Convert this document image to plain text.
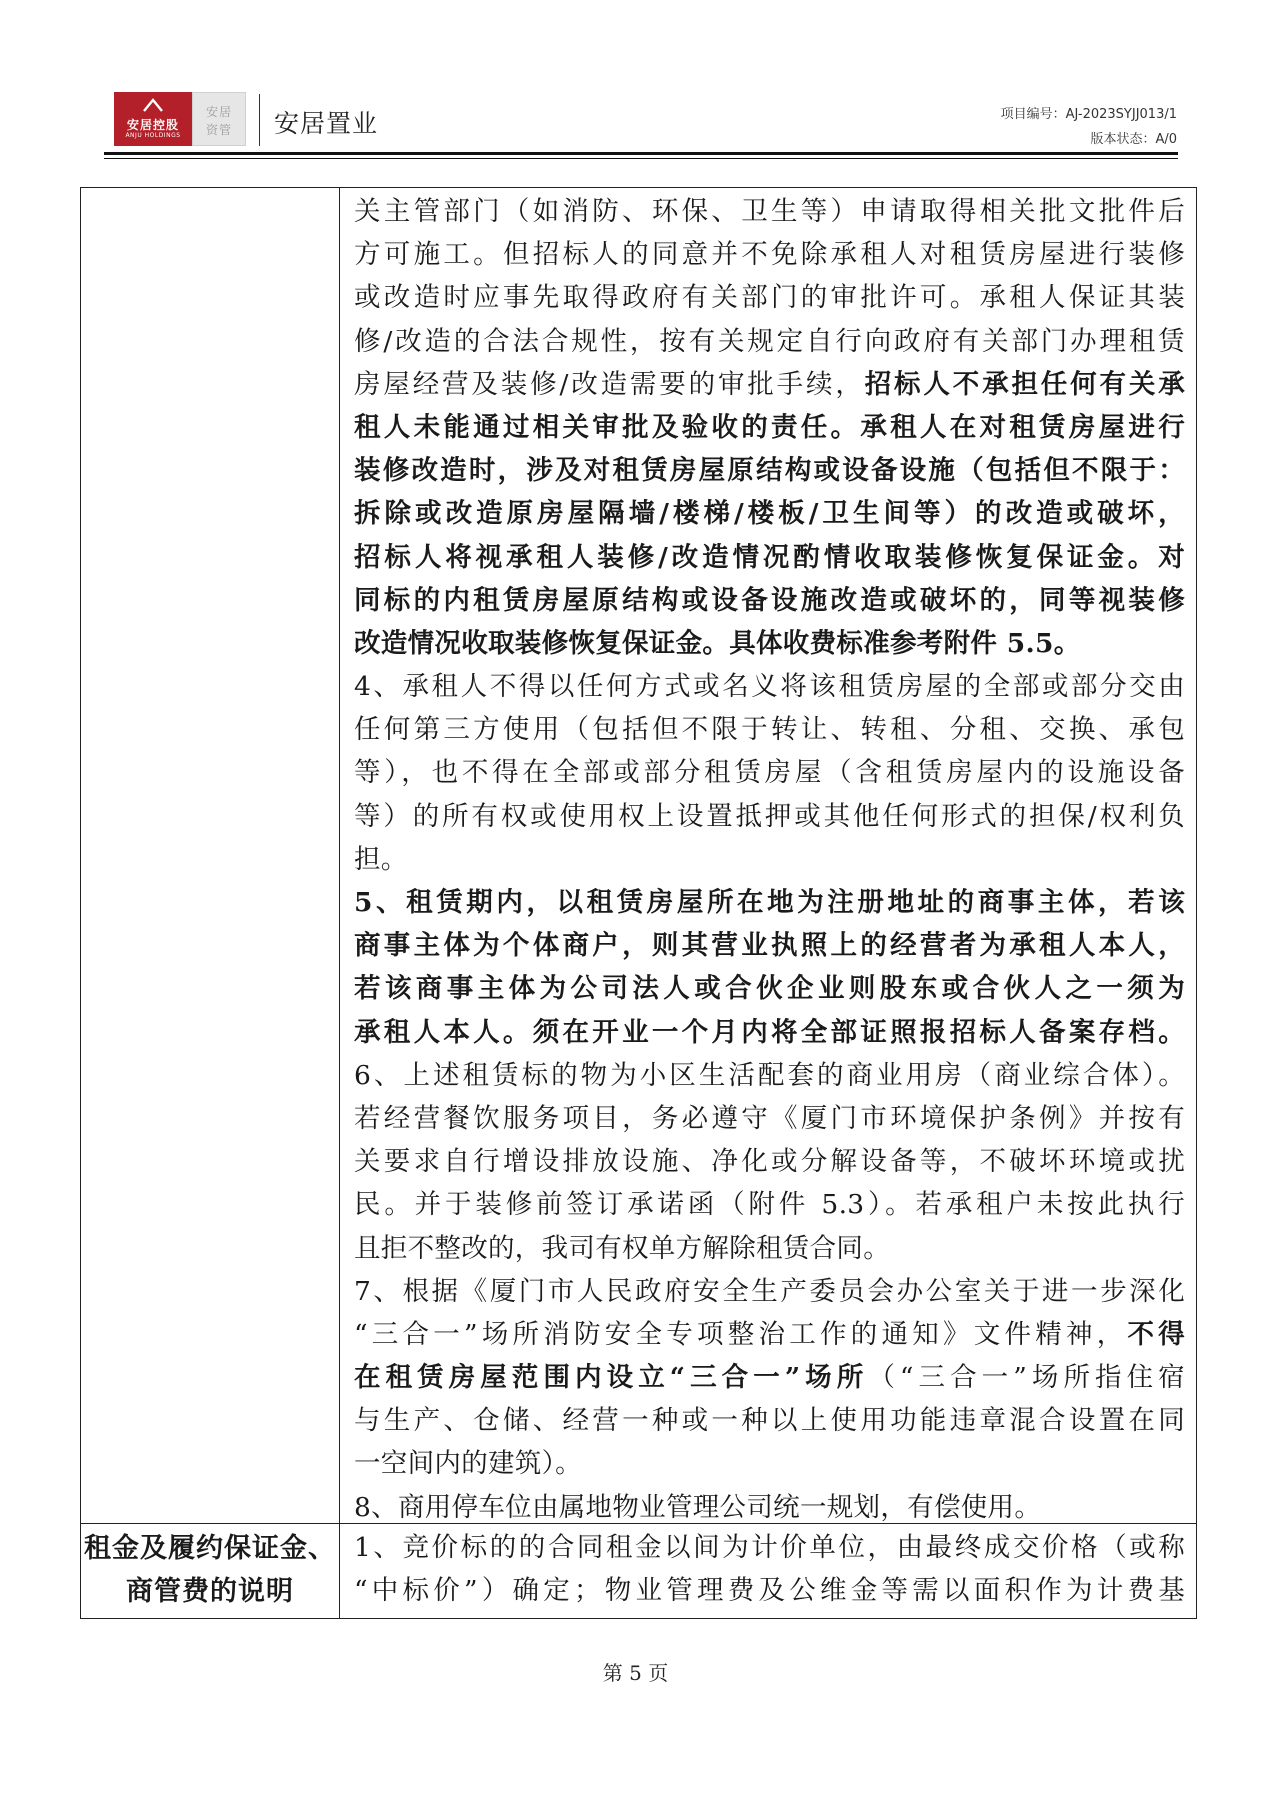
安居控股
ANJU HOLDINGS
安居
资管	安居置业	项目编号：AJ-2023SYJJ013/1
版本状态：A/0
关主管部门（如消防、环保、卫生等）申请取得相关批文批件后
方可施工。但招标人的同意并不免除承租人对租赁房屋进行装修
或改造时应事先取得政府有关部门的审批许可。承租人保证其装
修/改造的合法合规性，按有关规定自行向政府有关部门办理租赁
房屋经营及装修/改造需要的审批手续，招标人不承担任何有关承
租人未能通过相关审批及验收的责任。承租人在对租赁房屋进行
装修改造时，涉及对租赁房屋原结构或设备设施（包括但不限于：
拆除或改造原房屋隔墙/楼梯/楼板/卫生间等）的改造或破坏，
招标人将视承租人装修/改造情况酌情收取装修恢复保证金。对
同标的内租赁房屋原结构或设备设施改造或破坏的，同等视装修
改造情况收取装修恢复保证金。具体收费标准参考附件 5.5。
4、承租人不得以任何方式或名义将该租赁房屋的全部或部分交由
任何第三方使用（包括但不限于转让、转租、分租、交换、承包
等），也不得在全部或部分租赁房屋（含租赁房屋内的设施设备
等）的所有权或使用权上设置抵押或其他任何形式的担保/权利负
担。
5、租赁期内，以租赁房屋所在地为注册地址的商事主体，若该
商事主体为个体商户，则其营业执照上的经营者为承租人本人，
若该商事主体为公司法人或合伙企业则股东或合伙人之一须为
承租人本人。须在开业一个月内将全部证照报招标人备案存档。
6、上述租赁标的物为小区生活配套的商业用房（商业综合体）。
若经营餐饮服务项目，务必遵守《厦门市环境保护条例》并按有
关要求自行增设排放设施、净化或分解设备等，不破坏环境或扰
民。并于装修前签订承诺函（附件 5.3）。若承租户未按此执行
且拒不整改的，我司有权单方解除租赁合同。
7、根据《厦门市人民政府安全生产委员会办公室关于进一步深化
“三合一”场所消防安全专项整治工作的通知》文件精神，不得
在租赁房屋范围内设立“三合一”场所（“三合一”场所指住宿
与生产、仓储、经营一种或一种以上使用功能违章混合设置在同
一空间内的建筑）。
8、商用停车位由属地物业管理公司统一规划，有偿使用。
租金及履约保证金、
商管费的说明
1、竞价标的的合同租金以间为计价单位，由最终成交价格（或称
“中标价”）确定；物业管理费及公维金等需以面积作为计费基
第 5 页
